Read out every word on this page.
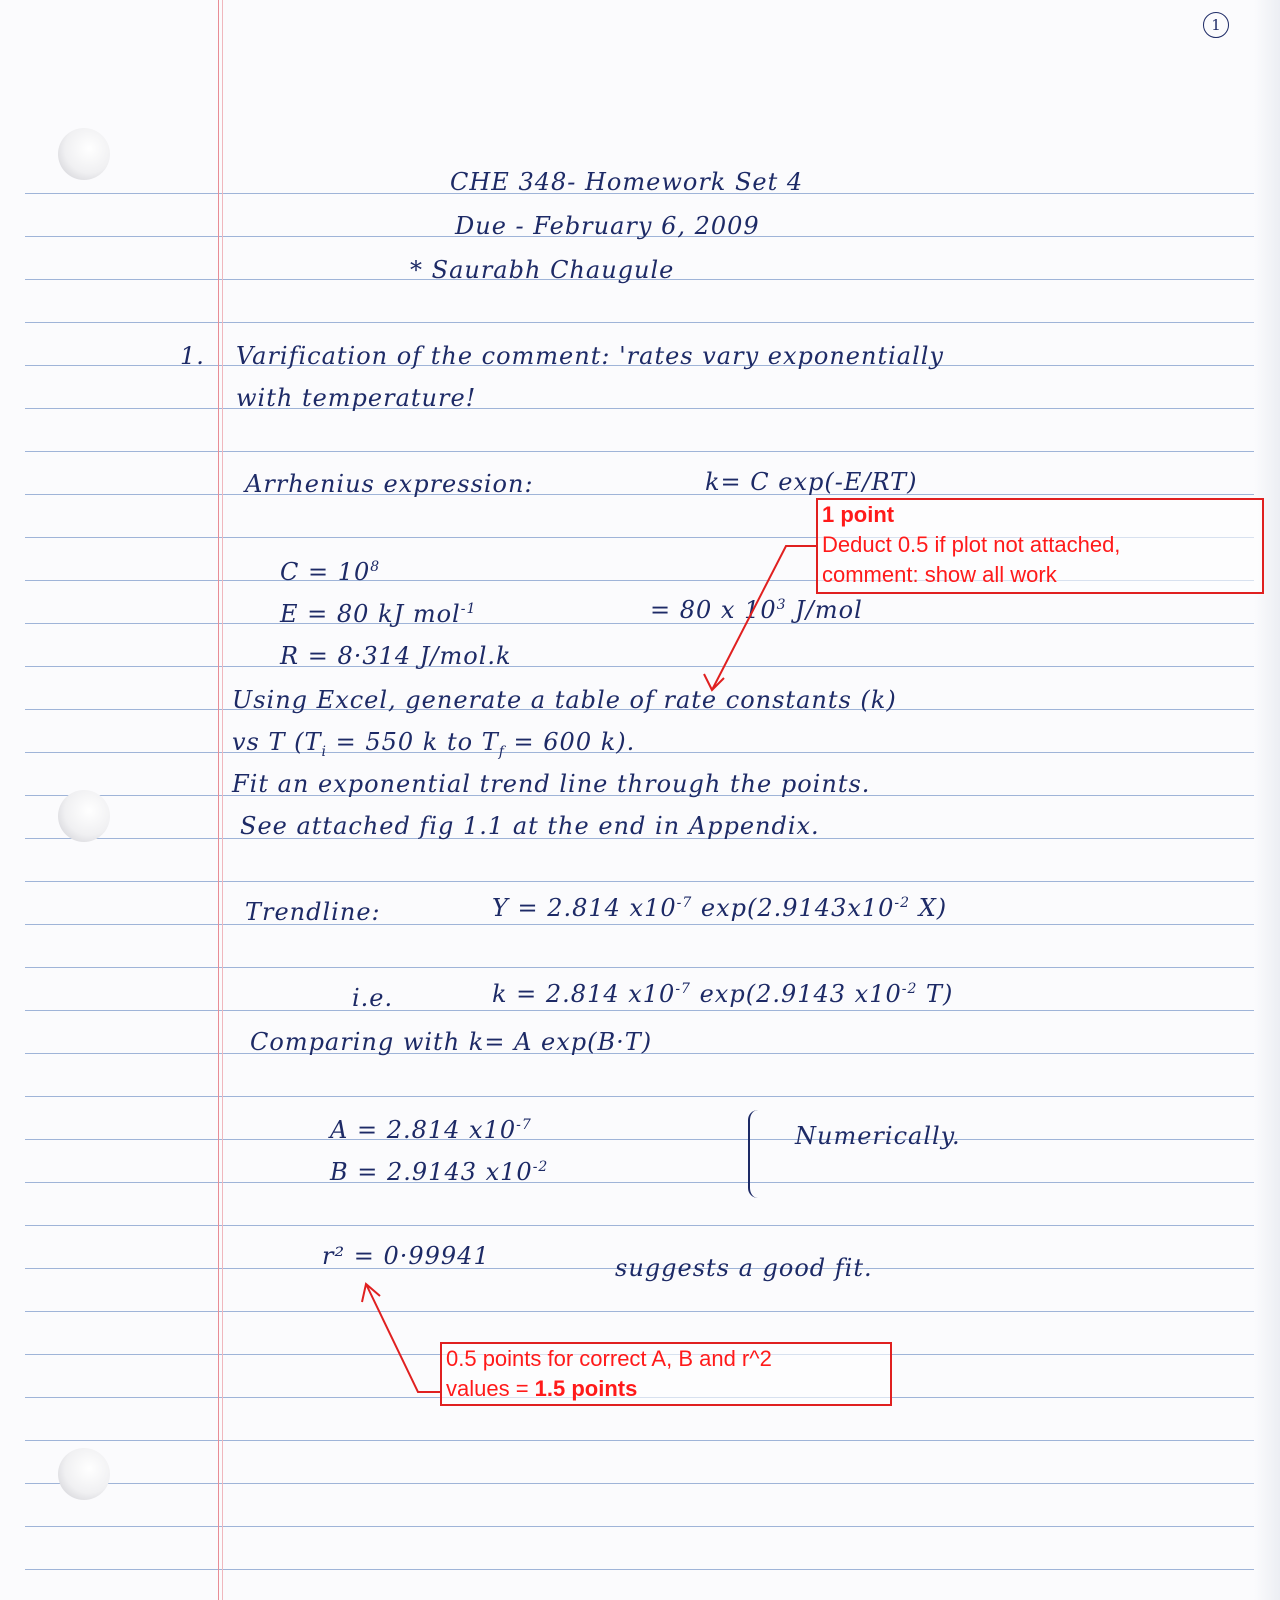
1
CHE 348- Homework Set 4
Due - February 6, 2009
* Saurabh Chaugule
1. Varification of the comment: 'rates vary exponentially
with temperature!
Arrhenius expression:	k= C exp(-E/RT)
$C = 10^8$
E = 80 kJ mol$^{-1}$	= 80 x $10^3$ J/mol
R = 8·314 J/mol.k
Using Excel, generate a table of rate constants (k)
vs T ($T_i = 550$ k to $T_f = 600$ k).
Fit an exponential trend line through the points.
See attached fig 1.1 at the end in Appendix.
Trendline:	Y = 2.814 $x10^{-7}$ $\exp(2.9143x10^{-2}$ X)
i.e.	k = 2.814 $x10^{-7}$ exp(2.9143 $x10^{-2}$ T)
Comparing with k= A exp(B·T)
A = 2.814 $x10^{-7}$
B = 2.9143 $x10^{-2}$
Numerically.
r² = 0·99941	suggests a good fit.
1 point
Deduct 0.5 if plot not attached,
comment: show all work
0.5 points for correct A, B and r^2
values = 1.5 points
